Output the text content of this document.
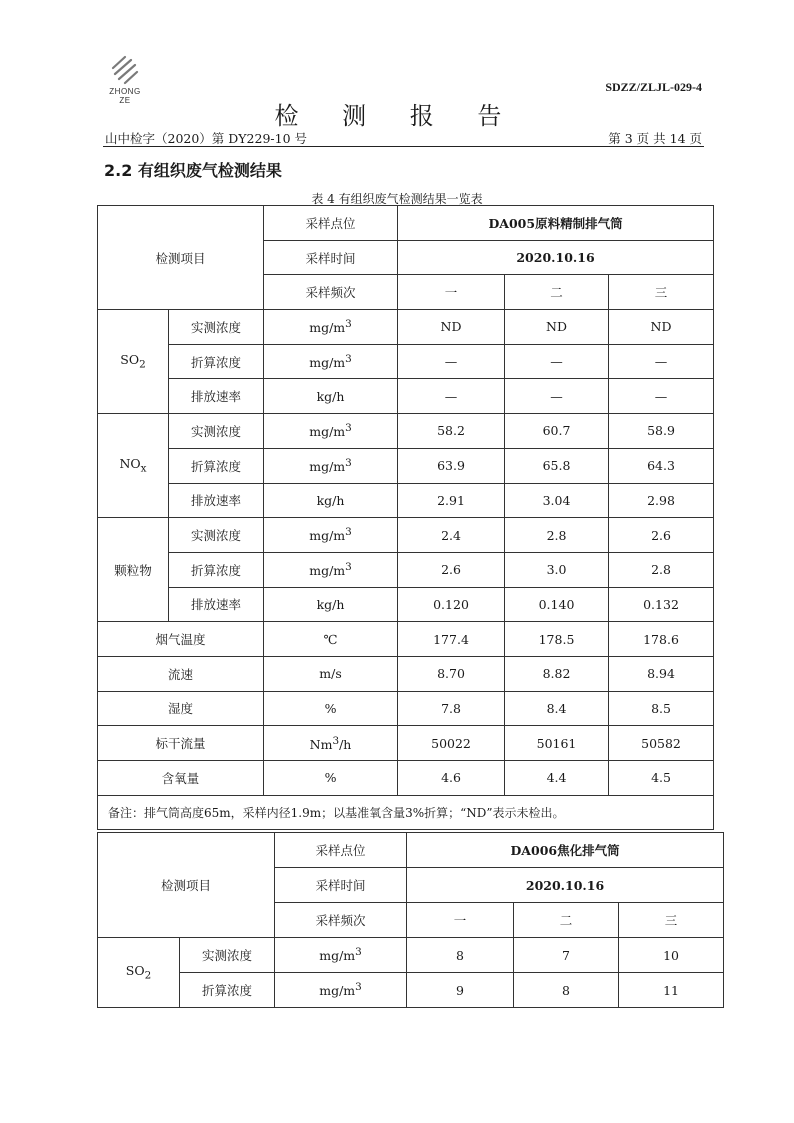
ZHONG ZE
SDZZ/ZLJL-029-4
检 测 报 告
山中检字（2020）第 DY229-10 号	第 3 页 共 14 页
2.2 有组织废气检测结果
表 4 有组织废气检测结果一览表
检测项目		采样点位	DA005原料精制排气筒		
		采样时间	2020.10.16		
		采样频次	一	二	三
$SO_2$	实测浓度	$mg/m^3$	ND	ND	ND
	折算浓度	$mg/m^3$	—	—	—
	排放速率	kg/h	—	—	—
$NO_x$	实测浓度	$mg/m^3$	58.2	60.7	58.9
	折算浓度	$mg/m^3$	63.9	65.8	64.3
	排放速率	kg/h	2.91	3.04	2.98
颗粒物	实测浓度	$mg/m^3$	2.4	2.8	2.6
	折算浓度	$mg/m^3$	2.6	3.0	2.8
	排放速率	kg/h	0.120	0.140	0.132
烟气温度		℃	177.4	178.5	178.6
流速		m/s	8.70	8.82	8.94
湿度		%	7.8	8.4	8.5
标干流量		Nm$^3$/h	50022	50161	50582
含氧量		%	4.6	4.4	4.5
备注：排气筒高度65m，采样内径1.9m；以基准氧含量3%折算；“ND”表示未检出。					
检测项目		采样点位	DA006焦化排气筒		
		采样时间	2020.10.16		
		采样频次	一	二	三
$SO_2$	实测浓度	$mg/m^3$	8	7	10
	折算浓度	$mg/m^3$	9	8	11
